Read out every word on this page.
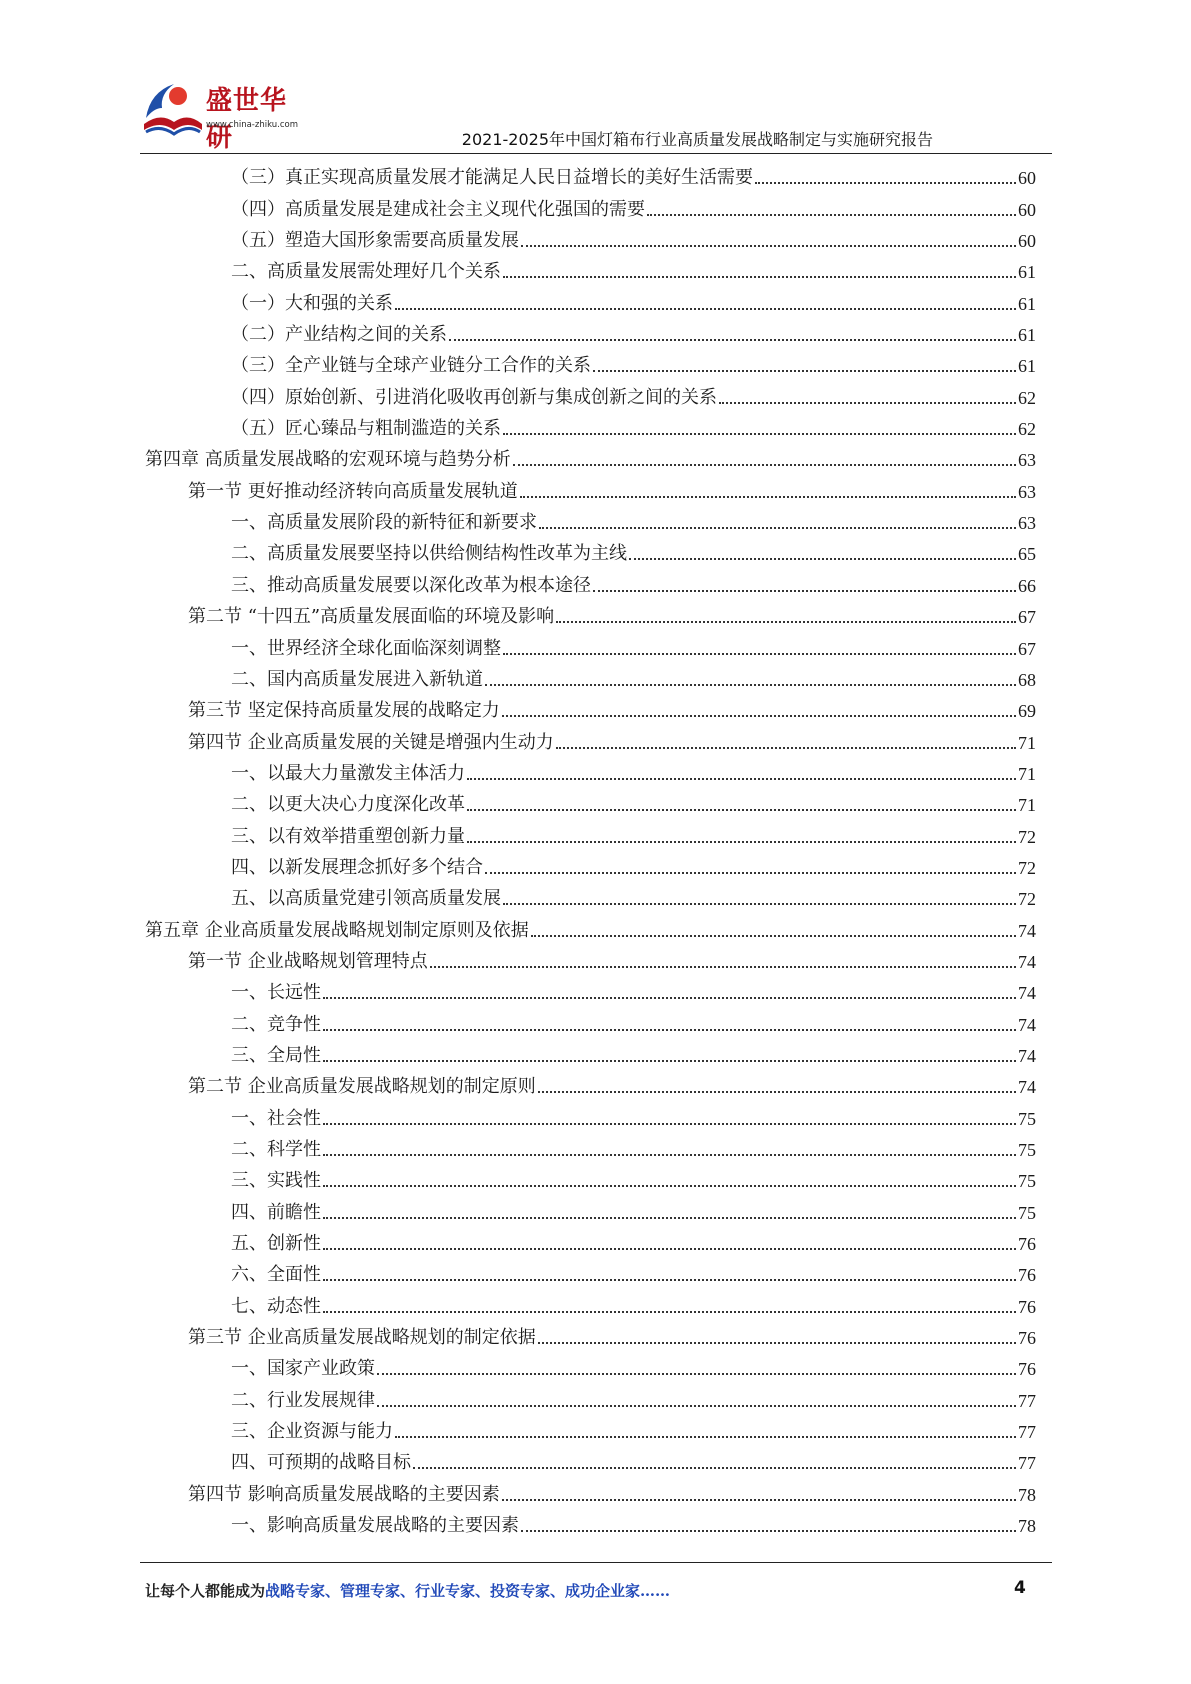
盛世华研
www.china-zhiku.com
2021-2025年中国灯箱布行业高质量发展战略制定与实施研究报告
（三）真正实现高质量发展才能满足人民日益增长的美好生活需要	60
（四）高质量发展是建成社会主义现代化强国的需要	60
（五）塑造大国形象需要高质量发展	60
二、高质量发展需处理好几个关系	61
（一）大和强的关系	61
（二）产业结构之间的关系	61
（三）全产业链与全球产业链分工合作的关系	61
（四）原始创新、引进消化吸收再创新与集成创新之间的关系	62
（五）匠心臻品与粗制滥造的关系	62
第四章 高质量发展战略的宏观环境与趋势分析	63
第一节 更好推动经济转向高质量发展轨道	63
一、高质量发展阶段的新特征和新要求	63
二、高质量发展要坚持以供给侧结构性改革为主线	65
三、推动高质量发展要以深化改革为根本途径	66
第二节 “十四五”高质量发展面临的环境及影响	67
一、世界经济全球化面临深刻调整	67
二、国内高质量发展进入新轨道	68
第三节 坚定保持高质量发展的战略定力	69
第四节 企业高质量发展的关键是增强内生动力	71
一、以最大力量激发主体活力	71
二、以更大决心力度深化改革	71
三、以有效举措重塑创新力量	72
四、以新发展理念抓好多个结合	72
五、以高质量党建引领高质量发展	72
第五章 企业高质量发展战略规划制定原则及依据	74
第一节 企业战略规划管理特点	74
一、长远性	74
二、竞争性	74
三、全局性	74
第二节 企业高质量发展战略规划的制定原则	74
一、社会性	75
二、科学性	75
三、实践性	75
四、前瞻性	75
五、创新性	76
六、全面性	76
七、动态性	76
第三节 企业高质量发展战略规划的制定依据	76
一、国家产业政策	76
二、行业发展规律	77
三、企业资源与能力	77
四、可预期的战略目标	77
第四节 影响高质量发展战略的主要因素	78
一、影响高质量发展战略的主要因素	78
让每个人都能成为战略专家、管理专家、行业专家、投资专家、成功企业家……	4
